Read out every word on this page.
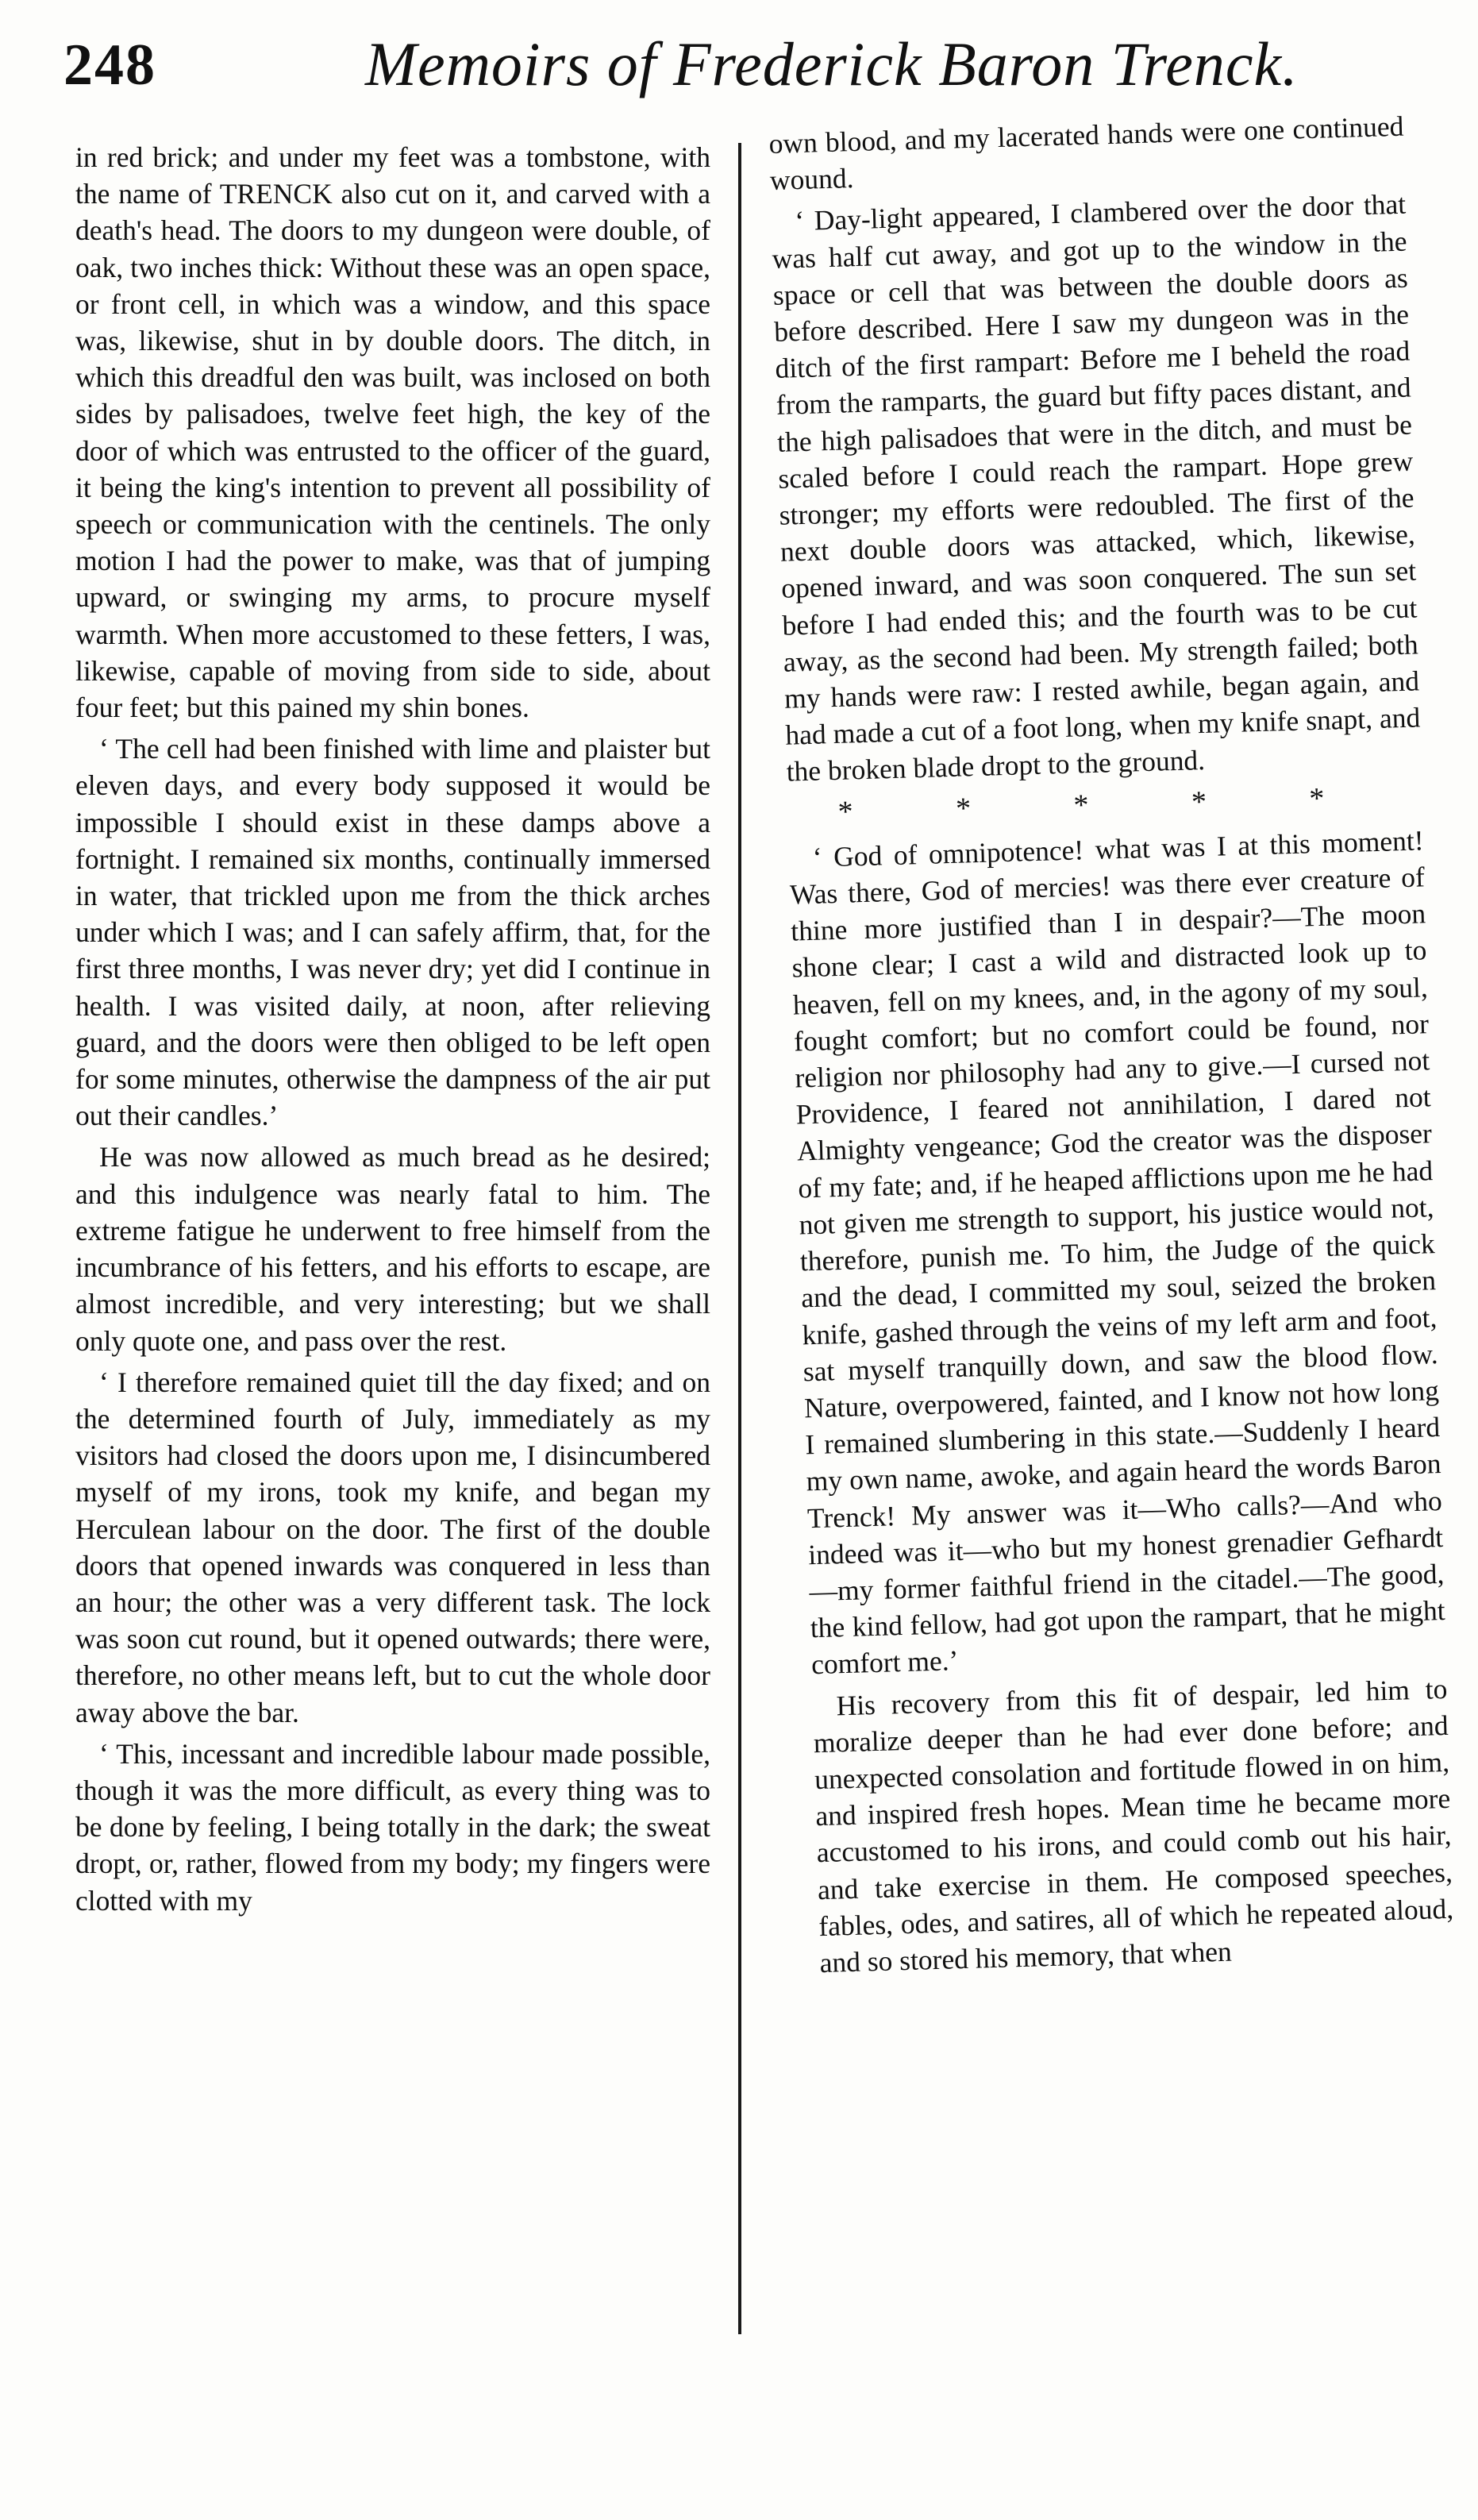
248	Memoirs of Frederick Baron Trenck.

in red brick; and under my feet was a tombstone, with the name of TRENCK also cut on it, and carved with a death's head. The doors to my dungeon were double, of oak, two inches thick: Without these was an open space, or front cell, in which was a window, and this space was, likewise, shut in by double doors. The ditch, in which this dreadful den was built, was inclosed on both sides by palisadoes, twelve feet high, the key of the door of which was entrusted to the officer of the guard, it being the king's intention to prevent all possibility of speech or communication with the centinels. The only motion I had the power to make, was that of jumping upward, or swinging my arms, to procure myself warmth. When more accustomed to these fetters, I was, likewise, capable of moving from side to side, about four feet; but this pained my shin bones.

‘ The cell had been finished with lime and plaister but eleven days, and every body supposed it would be impossible I should exist in these damps above a fortnight. I remained six months, continually immersed in water, that trickled upon me from the thick arches under which I was; and I can safely affirm, that, for the first three months, I was never dry; yet did I continue in health. I was visited daily, at noon, after relieving guard, and the doors were then obliged to be left open for some minutes, otherwise the dampness of the air put out their candles.’

He was now allowed as much bread as he desired; and this indulgence was nearly fatal to him. The extreme fatigue he underwent to free himself from the incumbrance of his fetters, and his efforts to escape, are almost incredible, and very interesting; but we shall only quote one, and pass over the rest.

‘ I therefore remained quiet till the day fixed; and on the determined fourth of July, immediately as my visitors had closed the doors upon me, I disincumbered myself of my irons, took my knife, and began my Herculean labour on the door. The first of the double doors that opened inwards was conquered in less than an hour; the other was a very different task. The lock was soon cut round, but it opened outwards; there were, therefore, no other means left, but to cut the whole door away above the bar.

‘ This, incessant and incredible labour made possible, though it was the more difficult, as every thing was to be done by feeling, I being totally in the dark; the sweat dropt, or, rather, flowed from my body; my fingers were clotted with my

own blood, and my lacerated hands were one continued wound.

‘ Day-light appeared, I clambered over the door that was half cut away, and got up to the window in the space or cell that was between the double doors as before described. Here I saw my dungeon was in the ditch of the first rampart: Before me I beheld the road from the ramparts, the guard but fifty paces distant, and the high palisadoes that were in the ditch, and must be scaled before I could reach the rampart. Hope grew stronger; my efforts were redoubled. The first of the next double doors was attacked, which, likewise, opened inward, and was soon conquered. The sun set before I had ended this; and the fourth was to be cut away, as the second had been. My strength failed; both my hands were raw: I rested awhile, began again, and had made a cut of a foot long, when my knife snapt, and the broken blade dropt to the ground.

* * * * *

‘ God of omnipotence! what was I at this moment! Was there, God of mercies! was there ever creature of thine more justified than I in despair?—The moon shone clear; I cast a wild and distracted look up to heaven, fell on my knees, and, in the agony of my soul, fought comfort; but no comfort could be found, nor religion nor philosophy had any to give.—I cursed not Providence, I feared not annihilation, I dared not Almighty vengeance; God the creator was the disposer of my fate; and, if he heaped afflictions upon me he had not given me strength to support, his justice would not, therefore, punish me. To him, the Judge of the quick and the dead, I committed my soul, seized the broken knife, gashed through the veins of my left arm and foot, sat myself tranquilly down, and saw the blood flow. Nature, overpowered, fainted, and I know not how long I remained slumbering in this state.—Suddenly I heard my own name, awoke, and again heard the words Baron Trenck! My answer was it—Who calls?—And who indeed was it—who but my honest grenadier Gefhardt—my former faithful friend in the citadel.—The good, the kind fellow, had got upon the rampart, that he might comfort me.’

His recovery from this fit of despair, led him to moralize deeper than he had ever done before; and unexpected consolation and fortitude flowed in on him, and inspired fresh hopes. Mean time he became more accustomed to his irons, and could comb out his hair, and take exercise in them. He composed speeches, fables, odes, and satires, all of which he repeated aloud, and so stored his memory, that when
